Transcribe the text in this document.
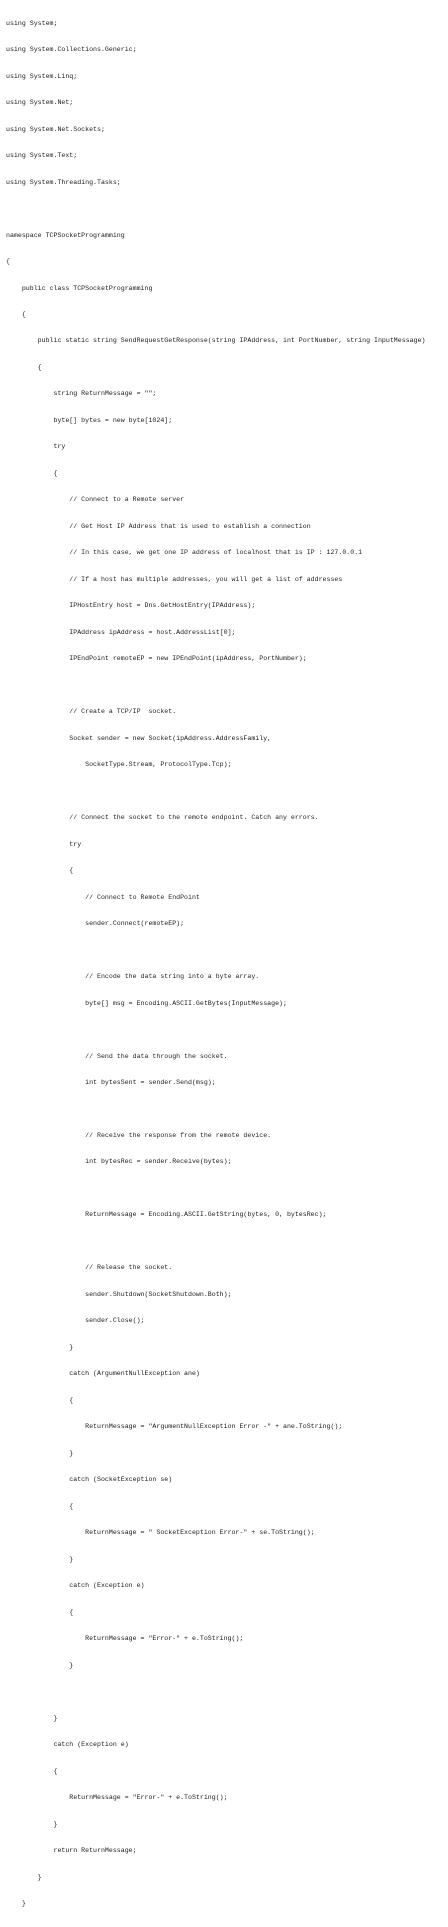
using System;

using System.Collections.Generic;

using System.Linq;

using System.Net;

using System.Net.Sockets;

using System.Text;

using System.Threading.Tasks;

namespace TCPSocketProgramming

{

public class TCPSocketProgramming

{

public static string SendRequestGetResponse(string IPAddress, int PortNumber, string InputMessage)

{

string ReturnMessage = "";

byte[] bytes = new byte[1024];

try

{

// Connect to a Remote server

// Get Host IP Address that is used to establish a connection

// In this case, we get one IP address of localhost that is IP : 127.0.0.1

// If a host has multiple addresses, you will get a list of addresses

IPHostEntry host = Dns.GetHostEntry(IPAddress);

IPAddress ipAddress = host.AddressList[0];

IPEndPoint remoteEP = new IPEndPoint(ipAddress, PortNumber);

// Create a TCP/IP  socket.

Socket sender = new Socket(ipAddress.AddressFamily,

SocketType.Stream, ProtocolType.Tcp);

// Connect the socket to the remote endpoint. Catch any errors.

try

{

// Connect to Remote EndPoint

sender.Connect(remoteEP);

// Encode the data string into a byte array.

byte[] msg = Encoding.ASCII.GetBytes(InputMessage);

// Send the data through the socket.

int bytesSent = sender.Send(msg);

// Receive the response from the remote device.

int bytesRec = sender.Receive(bytes);

ReturnMessage = Encoding.ASCII.GetString(bytes, 0, bytesRec);

// Release the socket.

sender.Shutdown(SocketShutdown.Both);

sender.Close();

}

catch (ArgumentNullException ane)

{

ReturnMessage = "ArgumentNullException Error -" + ane.ToString();

}

catch (SocketException se)

{

ReturnMessage = " SocketException Error-" + se.ToString();

}

catch (Exception e)

{

ReturnMessage = "Error-" + e.ToString();

}

}

catch (Exception e)

{

ReturnMessage = "Error-" + e.ToString();

}

return ReturnMessage;

}

}
